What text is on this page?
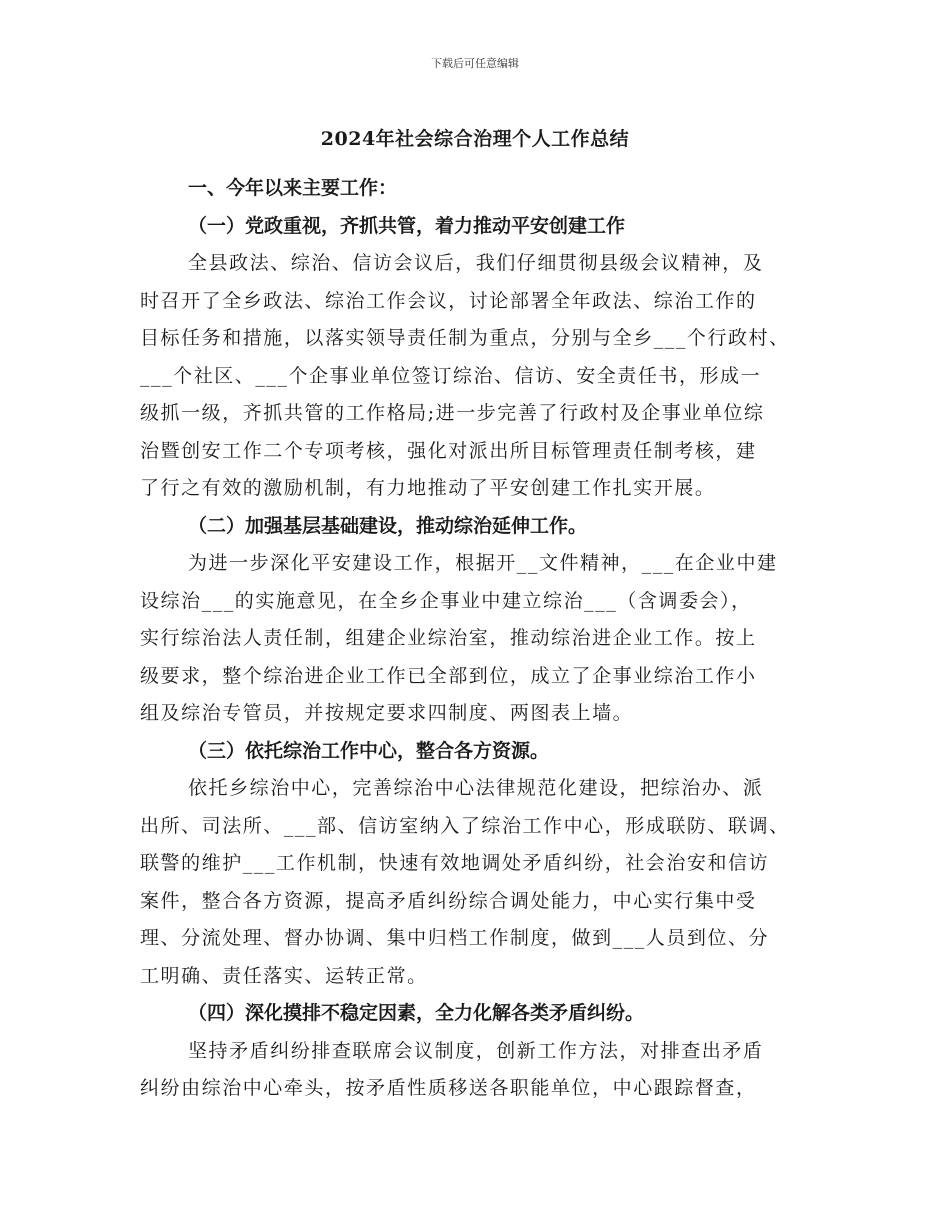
下载后可任意编辑
2024年社会综合治理个人工作总结
一、今年以来主要工作：
（一）党政重视，齐抓共管，着力推动平安创建工作
全县政法、综治、信访会议后，我们仔细贯彻县级会议精神，及
时召开了全乡政法、综治工作会议，讨论部署全年政法、综治工作的
目标任务和措施，以落实领导责任制为重点，分别与全乡___个行政村、
___个社区、___个企事业单位签订综治、信访、安全责任书，形成一
级抓一级，齐抓共管的工作格局;进一步完善了行政村及企事业单位综
治暨创安工作二个专项考核，强化对派出所目标管理责任制考核，建
了行之有效的激励机制，有力地推动了平安创建工作扎实开展。
（二）加强基层基础建设，推动综治延伸工作。
为进一步深化平安建设工作，根据开__文件精神，___在企业中建
设综治___的实施意见，在全乡企事业中建立综治___（含调委会），
实行综治法人责任制，组建企业综治室，推动综治进企业工作。按上
级要求，整个综治进企业工作已全部到位，成立了企事业综治工作小
组及综治专管员，并按规定要求四制度、两图表上墙。
（三）依托综治工作中心，整合各方资源。
依托乡综治中心，完善综治中心法律规范化建设，把综治办、派
出所、司法所、___部、信访室纳入了综治工作中心，形成联防、联调、
联警的维护___工作机制，快速有效地调处矛盾纠纷，社会治安和信访
案件，整合各方资源，提高矛盾纠纷综合调处能力，中心实行集中受
理、分流处理、督办协调、集中归档工作制度，做到___人员到位、分
工明确、责任落实、运转正常。
（四）深化摸排不稳定因素，全力化解各类矛盾纠纷。
坚持矛盾纠纷排查联席会议制度，创新工作方法，对排查出矛盾
纠纷由综治中心牵头，按矛盾性质移送各职能单位，中心跟踪督查，
